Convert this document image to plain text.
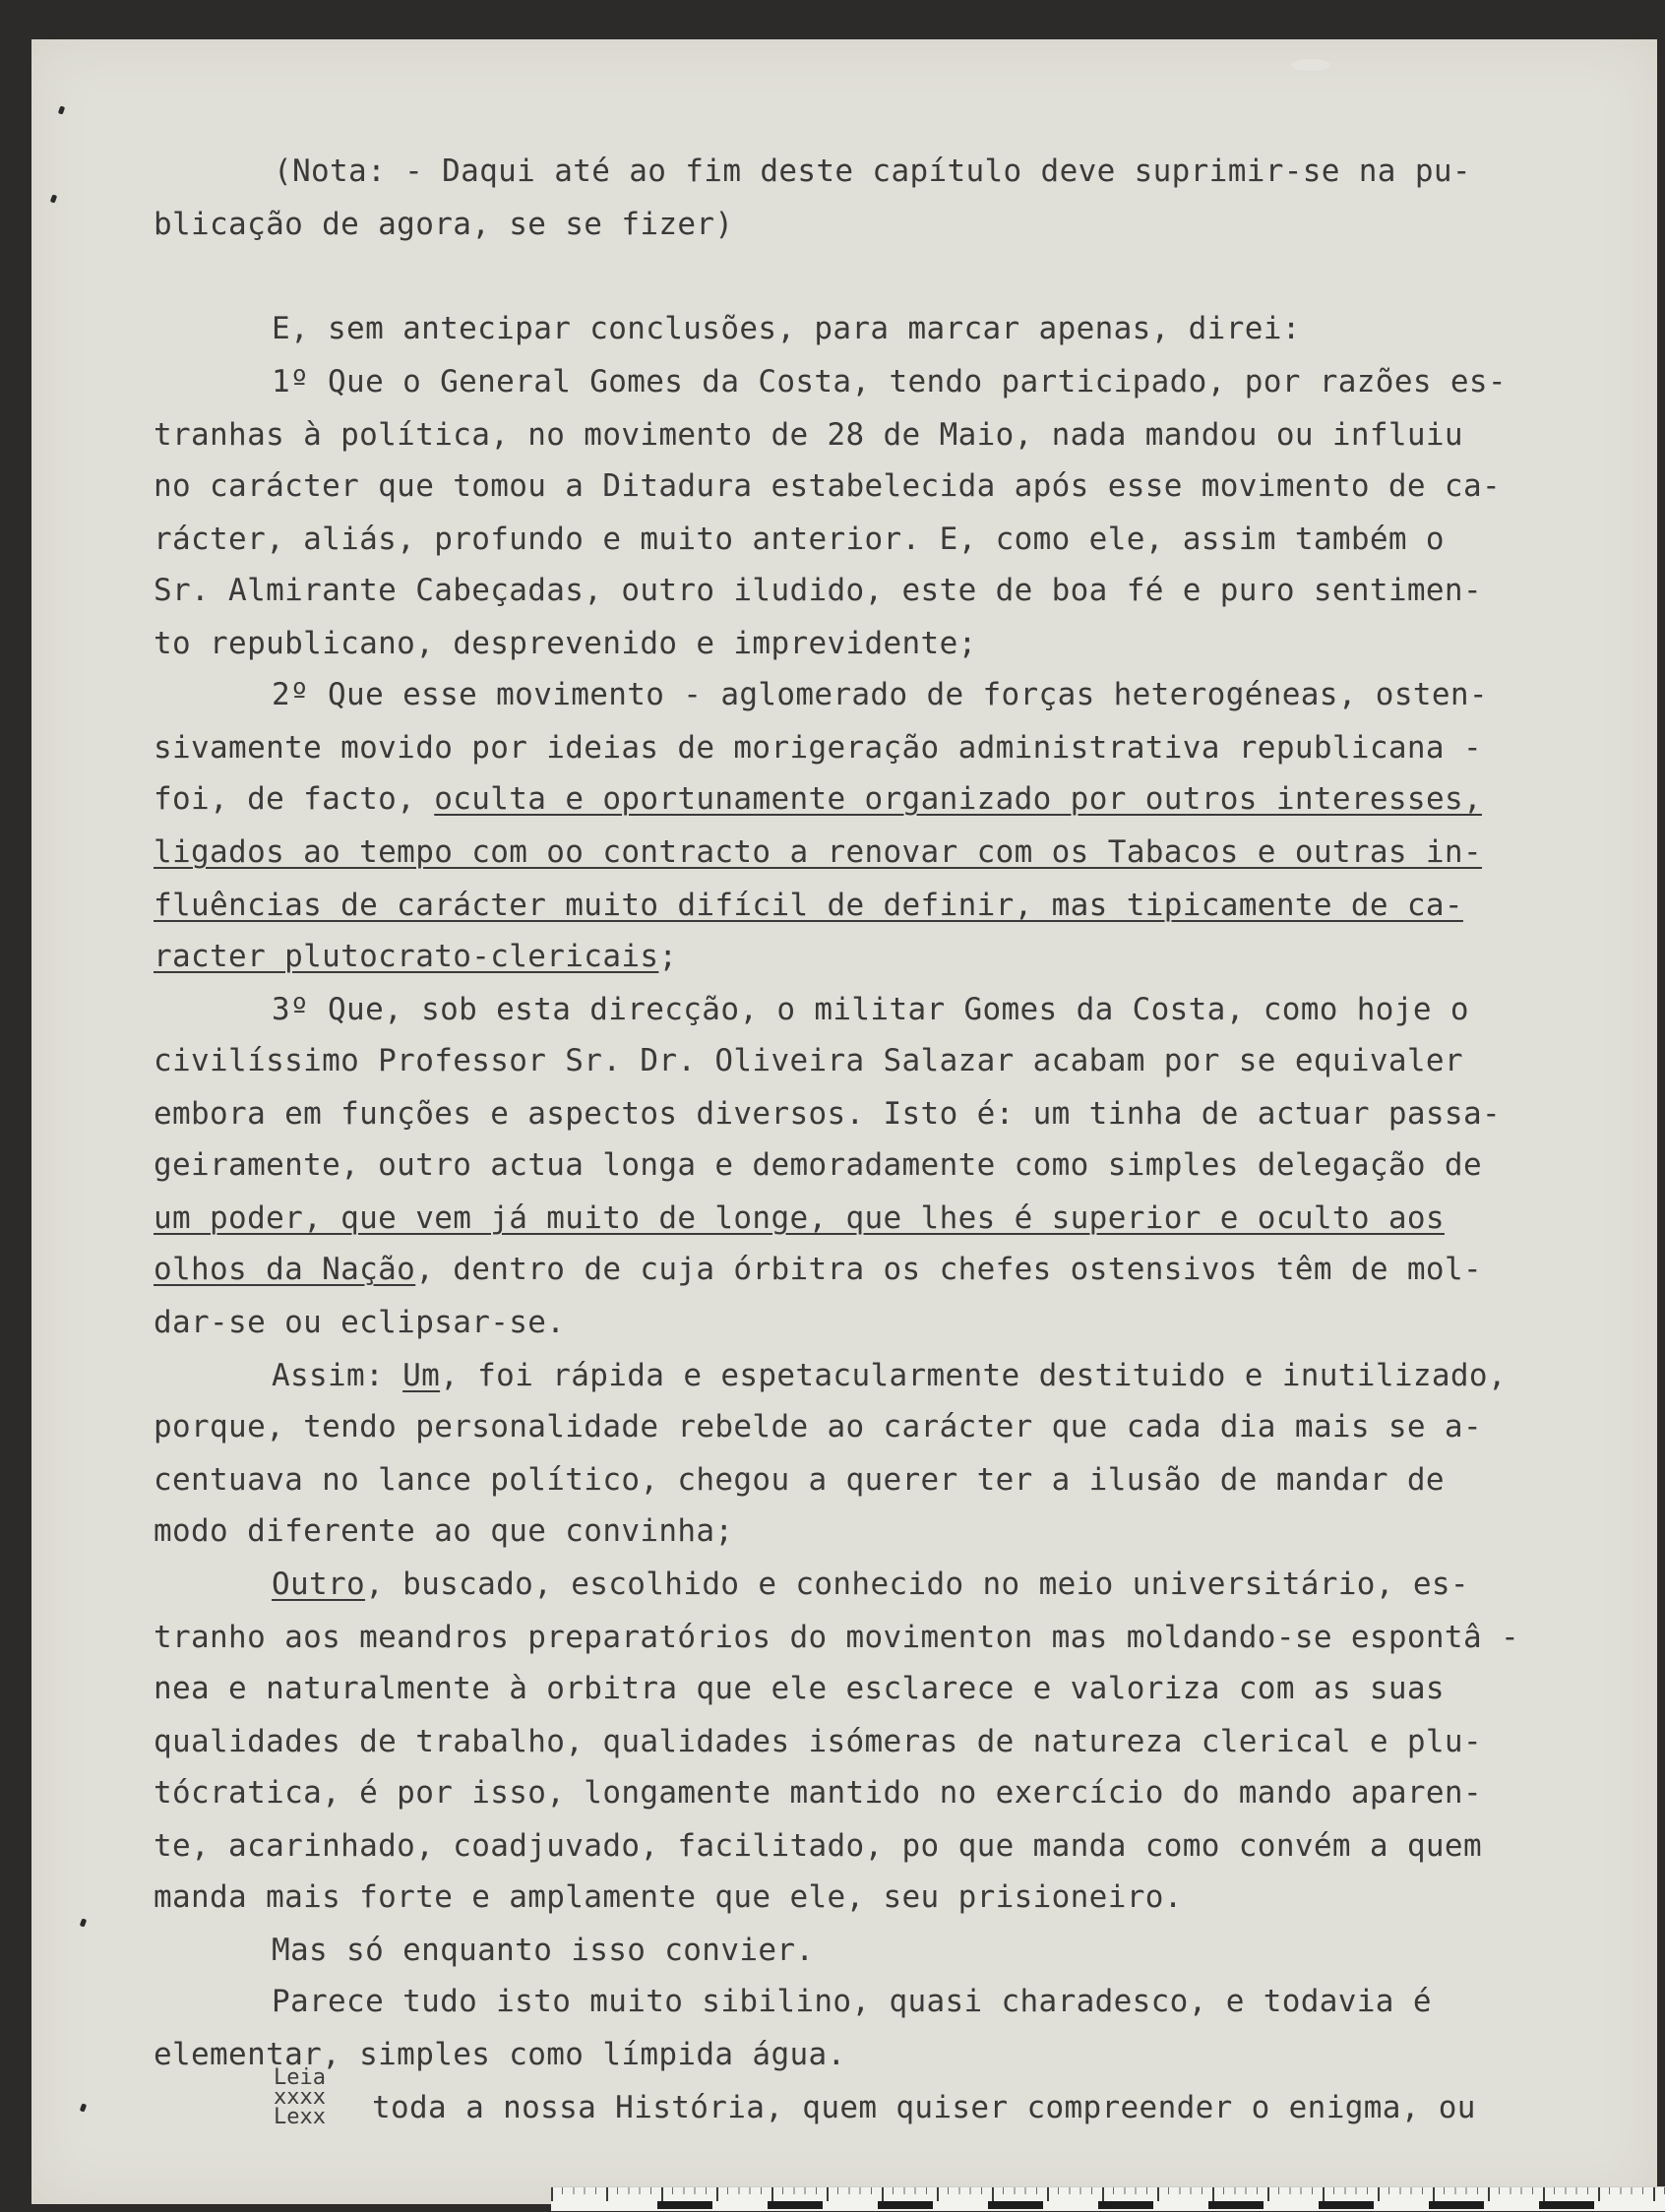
(Nota: - Daqui até ao fim deste capítulo deve suprimir-se na pu-
blicação de agora, se se fizer)
E, sem antecipar conclusões, para marcar apenas, direi:
1º Que o General Gomes da Costa, tendo participado, por razões es-
tranhas à política, no movimento de 28 de Maio, nada mandou ou influiu
no carácter que tomou a Ditadura estabelecida após esse movimento de ca-
rácter, aliás, profundo e muito anterior. E, como ele, assim também o
Sr. Almirante Cabeçadas, outro iludido, este de boa fé e puro sentimen-
to republicano, desprevenido e imprevidente;
2º Que esse movimento - aglomerado de forças heterogéneas, osten-
sivamente movido por ideias de morigeração administrativa republicana -
foi, de facto, oculta e oportunamente organizado por outros interesses,
ligados ao tempo com oo contracto a renovar com os Tabacos e outras in-
fluências de carácter muito difícil de definir, mas tipicamente de ca-
racter plutocrato-clericais;
3º Que, sob esta direcção, o militar Gomes da Costa, como hoje o
civilíssimo Professor Sr. Dr. Oliveira Salazar acabam por se equivaler
embora em funções e aspectos diversos. Isto é: um tinha de actuar passa-
geiramente, outro actua longa e demoradamente como simples delegação de
um poder, que vem já muito de longe, que lhes é superior e oculto aos
olhos da Nação, dentro de cuja órbitra os chefes ostensivos têm de mol-
dar-se ou eclipsar-se.
Assim: Um, foi rápida e espetacularmente destituido e inutilizado,
porque, tendo personalidade rebelde ao carácter que cada dia mais se a-
centuava no lance político, chegou a querer ter a ilusão de mandar de
modo diferente ao que convinha;
Outro, buscado, escolhido e conhecido no meio universitário, es-
tranho aos meandros preparatórios do movimenton mas moldando-se espontâ -
nea e naturalmente à orbitra que ele esclarece e valoriza com as suas
qualidades de trabalho, qualidades isómeras de natureza clerical e plu-
tócratica, é por isso, longamente mantido no exercício do mando aparen-
te, acarinhado, coadjuvado, facilitado, po que manda como convém a quem
manda mais forte e amplamente que ele, seu prisioneiro.
Mas só enquanto isso convier.
Parece tudo isto muito sibilino, quasi charadesco, e todavia é
elementar, simples como límpida água.
toda a nossa História, quem quiser compreender o enigma, ou
Leia
xxxx
Lexx
